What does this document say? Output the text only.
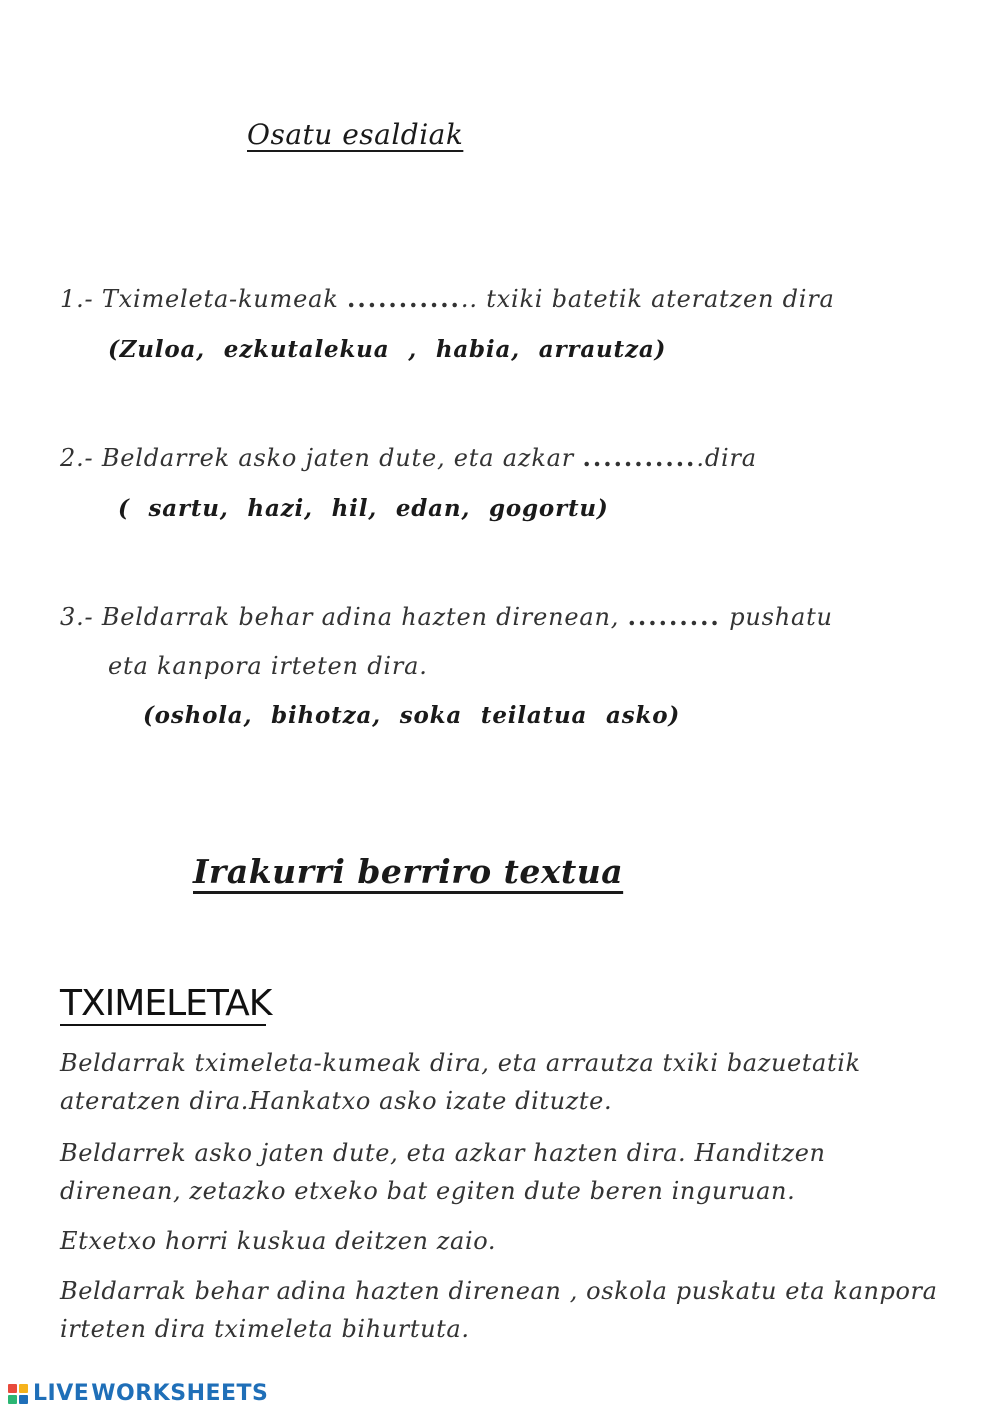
Osatu esaldiak
1.- Tximeleta-kumeak ............. txiki batetik ateratzen dira
(Zuloa, ezkutalekua , habia, arrautza)
2.- Beldarrek asko jaten dute, eta azkar ............dira
( sartu, hazi, hil, edan, gogortu)
3.- Beldarrak behar adina hazten direnean, ......... pushatu
eta kanpora irteten dira.
(oshola, bihotza, soka teilatua asko)
Irakurri berriro textua
TXIMELETAK
Beldarrak tximeleta-kumeak dira, eta arrautza txiki bazuetatik ateratzen dira.Hankatxo asko izate dituzte.
Beldarrek asko jaten dute, eta azkar hazten dira. Handitzen direnean, zetazko etxeko bat egiten dute beren inguruan.
Etxetxo horri kuskua deitzen zaio.
Beldarrak behar adina hazten direnean , oskola puskatu eta kanpora irteten dira tximeleta bihurtuta.
LIVE WORKSHEETS
